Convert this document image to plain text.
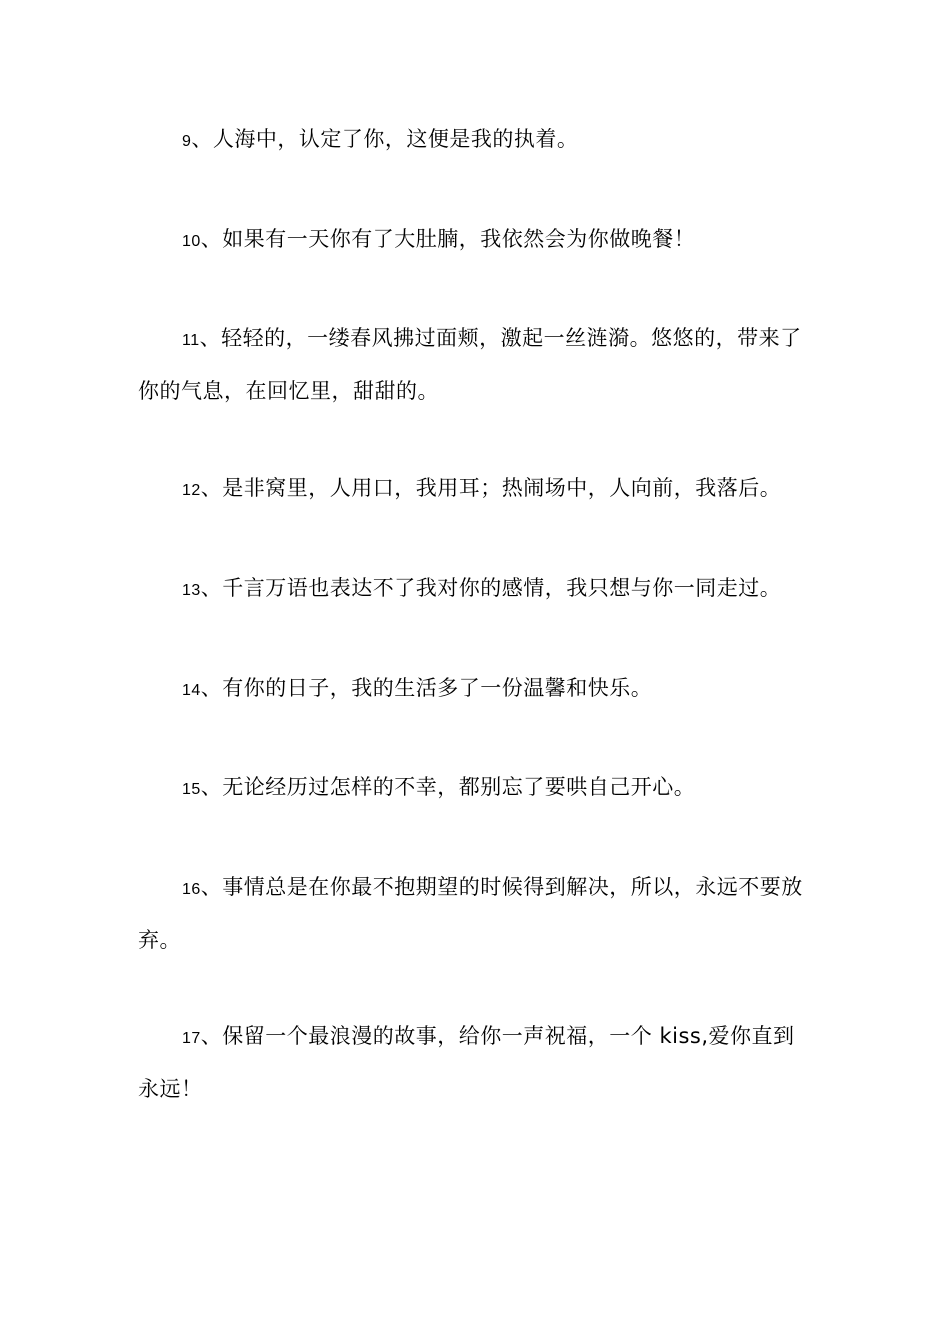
9、人海中，认定了你，这便是我的执着。

10、如果有一天你有了大肚腩，我依然会为你做晚餐！

11、轻轻的，一缕春风拂过面颊，激起一丝涟漪。悠悠的，带来了你的气息，在回忆里，甜甜的。

12、是非窝里，人用口，我用耳；热闹场中，人向前，我落后。

13、千言万语也表达不了我对你的感情，我只想与你一同走过。

14、有你的日子，我的生活多了一份温馨和快乐。

15、无论经历过怎样的不幸，都别忘了要哄自己开心。

16、事情总是在你最不抱期望的时候得到解决，所以，永远不要放弃。

17、保留一个最浪漫的故事，给你一声祝福，一个 kiss,爱你直到永远！
